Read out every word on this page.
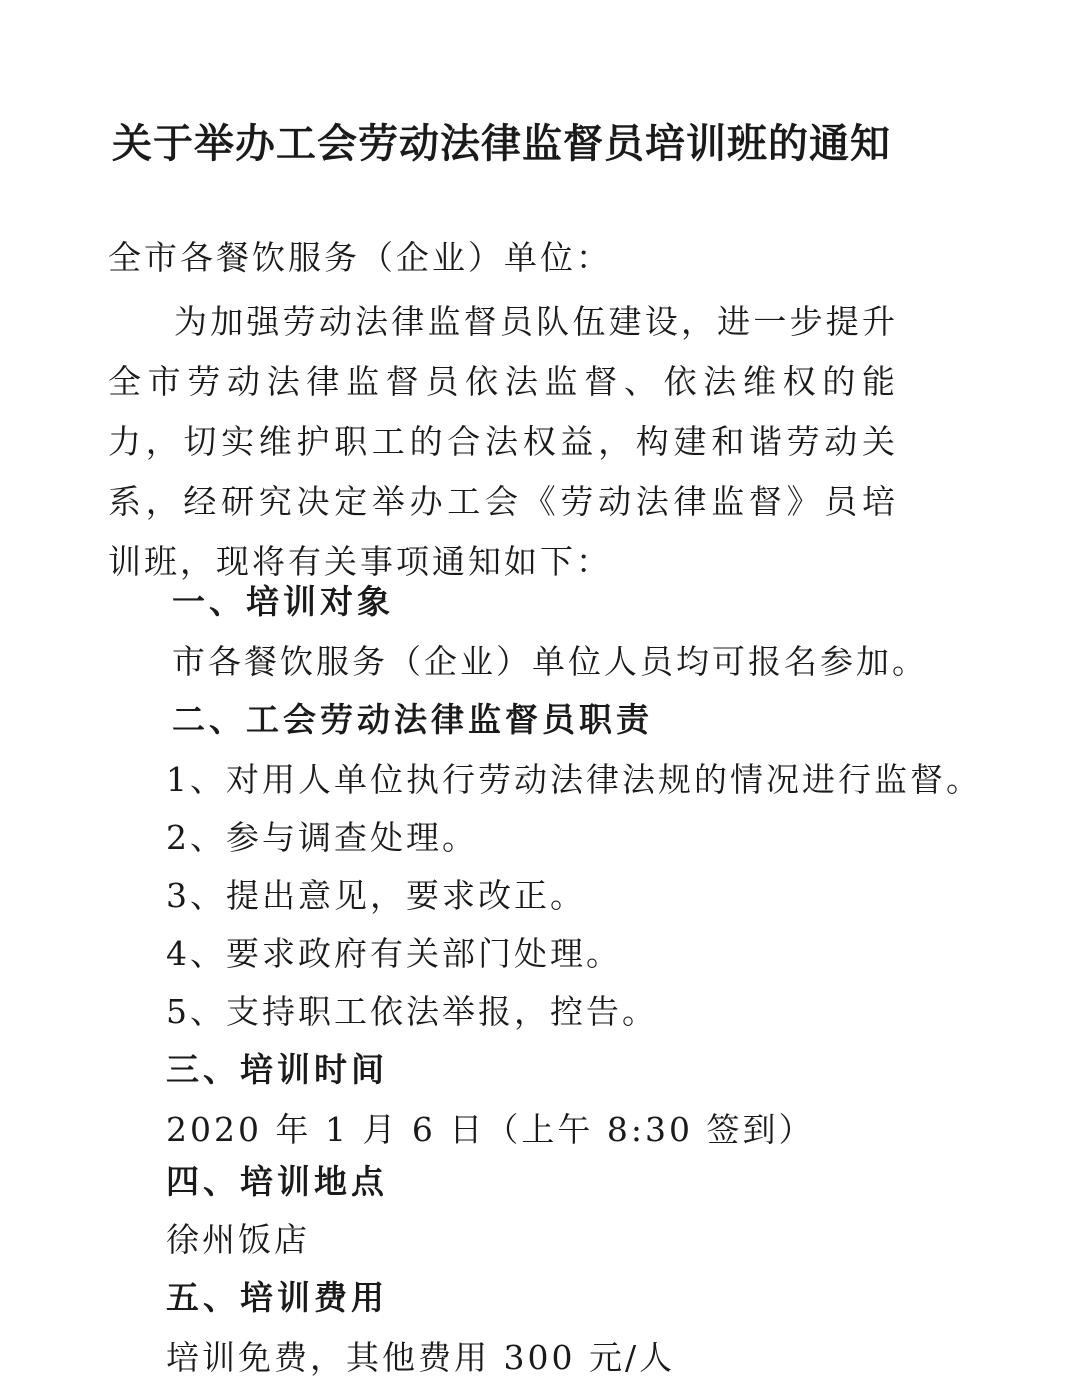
关于举办工会劳动法律监督员培训班的通知
全市各餐饮服务（企业）单位：
为加强劳动法律监督员队伍建设，进一步提升全市劳动法律监督员依法监督、依法维权的能力，切实维护职工的合法权益，构建和谐劳动关系，经研究决定举办工会《劳动法律监督》员培训班，现将有关事项通知如下：
一、培训对象
市各餐饮服务（企业）单位人员均可报名参加。
二、工会劳动法律监督员职责
1、对用人单位执行劳动法律法规的情况进行监督。
2、参与调查处理。
3、提出意见，要求改正。
4、要求政府有关部门处理。
5、支持职工依法举报，控告。
三、培训时间
2020 年 1 月 6 日（上午 8:30 签到）
四、培训地点
徐州饭店
五、培训费用
培训免费，其他费用 300 元/人
